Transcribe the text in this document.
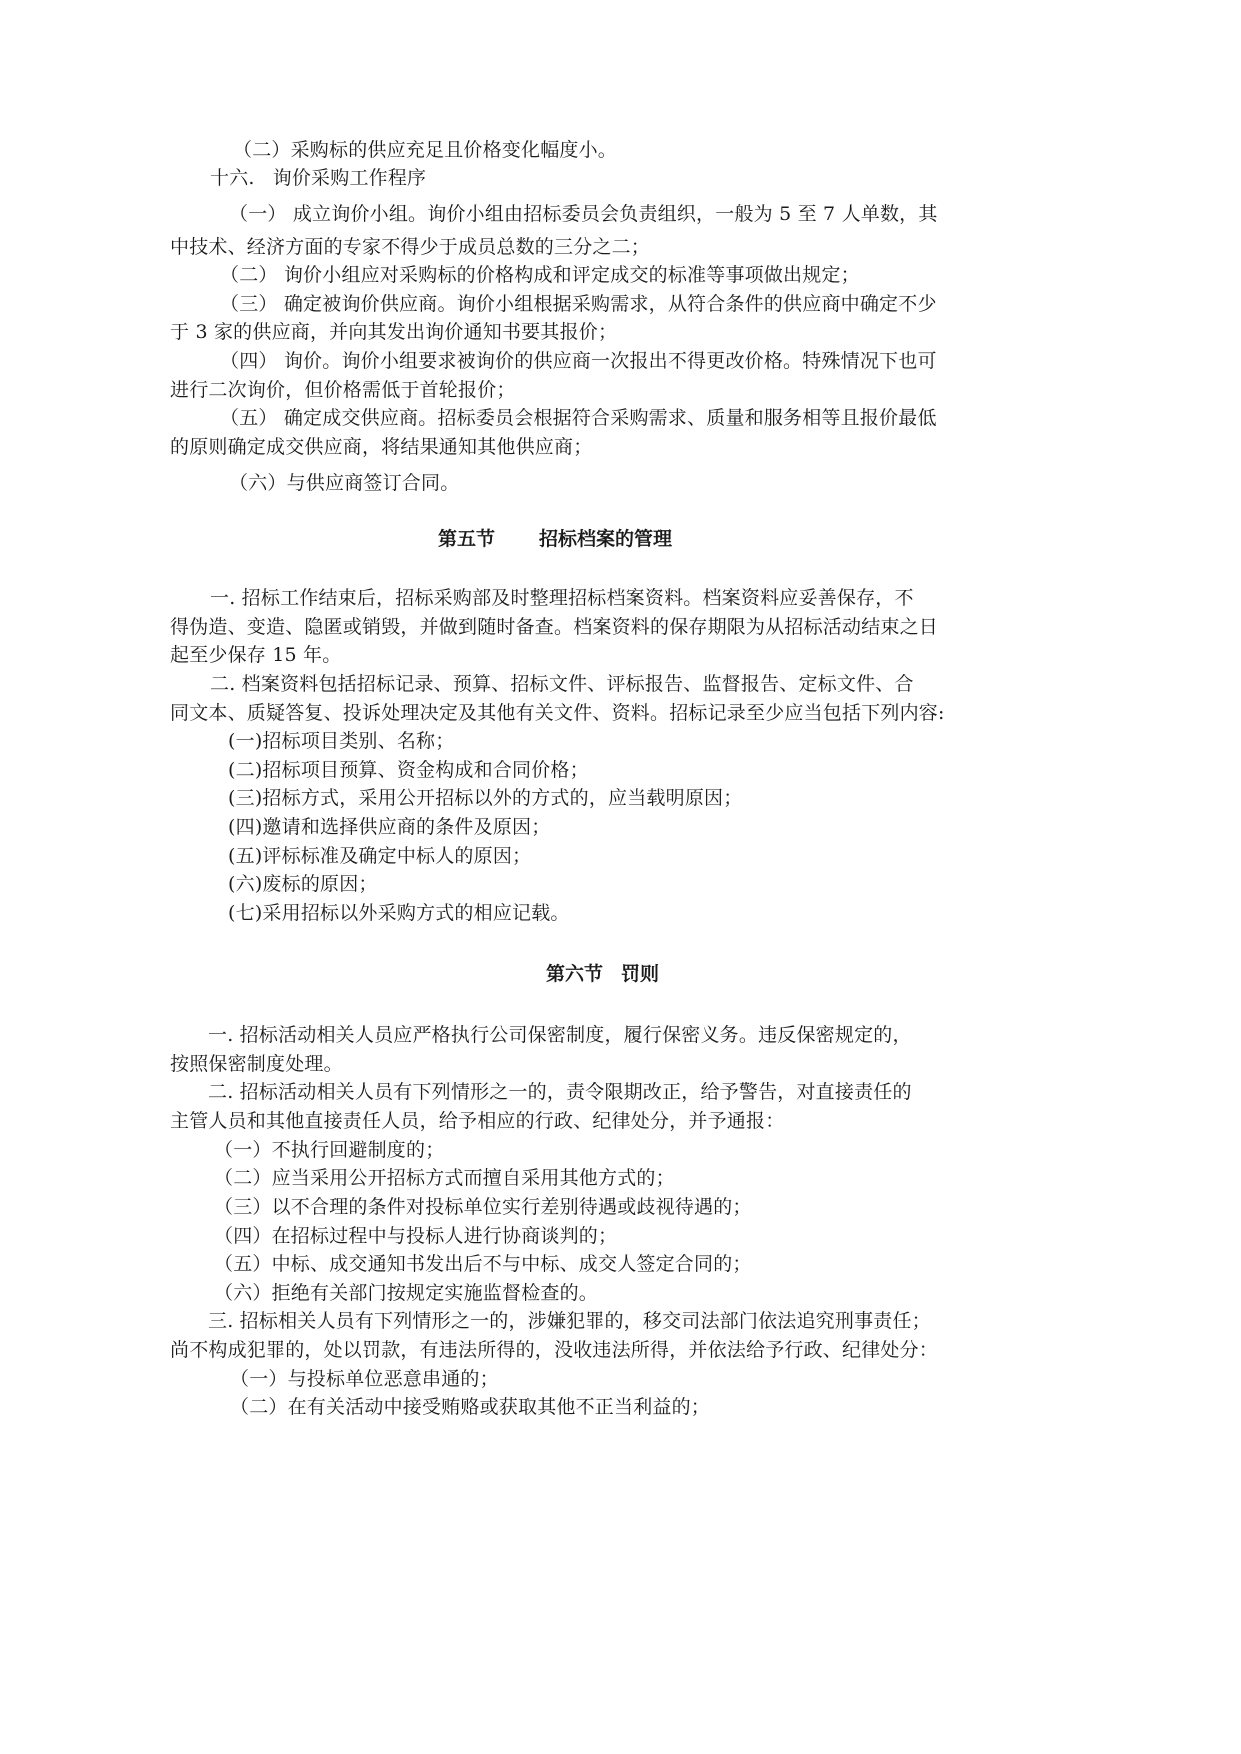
（二）采购标的供应充足且价格变化幅度小。
十六. 询价采购工作程序
（一） 成立询价小组。询价小组由招标委员会负责组织，一般为 5 至 7 人单数，其
中技术、经济方面的专家不得少于成员总数的三分之二；
（二） 询价小组应对采购标的价格构成和评定成交的标准等事项做出规定；
（三） 确定被询价供应商。询价小组根据采购需求，从符合条件的供应商中确定不少
于 3 家的供应商，并向其发出询价通知书要其报价；
（四） 询价。询价小组要求被询价的供应商一次报出不得更改价格。特殊情况下也可
进行二次询价，但价格需低于首轮报价；
（五） 确定成交供应商。招标委员会根据符合采购需求、质量和服务相等且报价最低
的原则确定成交供应商，将结果通知其他供应商；
（六）与供应商签订合同。
第五节 招标档案的管理
一. 招标工作结束后，招标采购部及时整理招标档案资料。档案资料应妥善保存，不
得伪造、变造、隐匿或销毁，并做到随时备查。档案资料的保存期限为从招标活动结束之日
起至少保存 15 年。
二. 档案资料包括招标记录、预算、招标文件、评标报告、监督报告、定标文件、合
同文本、质疑答复、投诉处理决定及其他有关文件、资料。招标记录至少应当包括下列内容:
(一)招标项目类别、名称；
(二)招标项目预算、资金构成和合同价格；
(三)招标方式，采用公开招标以外的方式的，应当载明原因；
(四)邀请和选择供应商的条件及原因；
(五)评标标准及确定中标人的原因；
(六)废标的原因；
(七)采用招标以外采购方式的相应记载。
第六节 罚则
一. 招标活动相关人员应严格执行公司保密制度，履行保密义务。违反保密规定的，
按照保密制度处理。
二. 招标活动相关人员有下列情形之一的，责令限期改正，给予警告，对直接责任的
主管人员和其他直接责任人员，给予相应的行政、纪律处分，并予通报：
（一）不执行回避制度的；
（二）应当采用公开招标方式而擅自采用其他方式的；
（三）以不合理的条件对投标单位实行差别待遇或歧视待遇的；
（四）在招标过程中与投标人进行协商谈判的；
（五）中标、成交通知书发出后不与中标、成交人签定合同的；
（六）拒绝有关部门按规定实施监督检查的。
三. 招标相关人员有下列情形之一的，涉嫌犯罪的，移交司法部门依法追究刑事责任；
尚不构成犯罪的，处以罚款，有违法所得的，没收违法所得，并依法给予行政、纪律处分：
（一）与投标单位恶意串通的；
（二）在有关活动中接受贿赂或获取其他不正当利益的；
